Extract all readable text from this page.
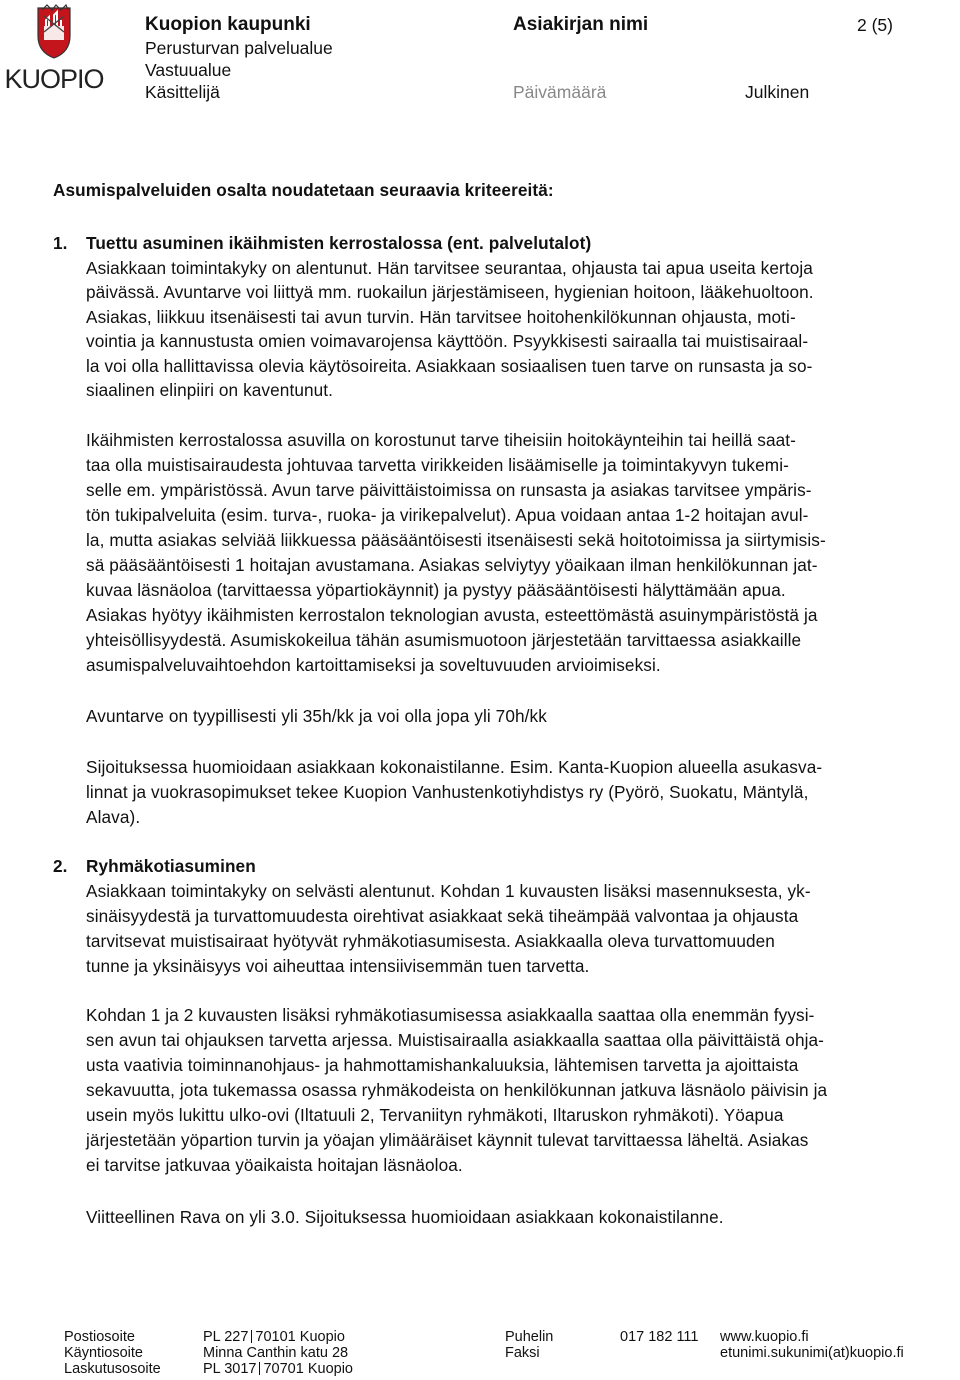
KUOPIO
Kuopion kaupunki	Asiakirjan nimi	2 (5)
Perusturvan palvelualue
Vastuualue
Käsittelijä	Päivämäärä	Julkinen
Asumispalveluiden osalta noudatetaan seuraavia kriteereitä:
1. Tuettu asuminen ikäihmisten kerrostalossa (ent. palvelutalot)
Asiakkaan toimintakyky on alentunut. Hän tarvitsee seurantaa, ohjausta tai apua useita kertoja
päivässä. Avuntarve voi liittyä mm. ruokailun järjestämiseen, hygienian hoitoon, lääkehuoltoon.
Asiakas, liikkuu itsenäisesti tai avun turvin. Hän tarvitsee hoitohenkilökunnan ohjausta, moti-
vointia ja kannustusta omien voimavarojensa käyttöön. Psyykkisesti sairaalla tai muistisairaal-
la voi olla hallittavissa olevia käytösoireita. Asiakkaan sosiaalisen tuen tarve on runsasta ja so-
siaalinen elinpiiri on kaventunut.
Ikäihmisten kerrostalossa asuvilla on korostunut tarve tiheisiin hoitokäynteihin tai heillä saat-
taa olla muistisairaudesta johtuvaa tarvetta virikkeiden lisäämiselle ja toimintakyvyn tukemi-
selle em. ympäristössä. Avun tarve päivittäistoimissa on runsasta ja asiakas tarvitsee ympäris-
tön tukipalveluita (esim. turva-, ruoka- ja virikepalvelut). Apua voidaan antaa 1-2 hoitajan avul-
la, mutta asiakas selviää liikkuessa pääsääntöisesti itsenäisesti sekä hoitotoimissa ja siirtymisis-
sä pääsääntöisesti 1 hoitajan avustamana. Asiakas selviytyy yöaikaan ilman henkilökunnan jat-
kuvaa läsnäoloa (tarvittaessa yöpartiokäynnit) ja pystyy pääsääntöisesti hälyttämään apua.
Asiakas hyötyy ikäihmisten kerrostalon teknologian avusta, esteettömästä asuinympäristöstä ja
yhteisöllisyydestä. Asumiskokeilua tähän asumismuotoon järjestetään tarvittaessa asiakkaille
asumispalveluvaihtoehdon kartoittamiseksi ja soveltuvuuden arvioimiseksi.
Avuntarve on tyypillisesti yli 35h/kk ja voi olla jopa yli 70h/kk
Sijoituksessa huomioidaan asiakkaan kokonaistilanne. Esim. Kanta-Kuopion alueella asukasva-
linnat ja vuokrasopimukset tekee Kuopion Vanhustenkotiyhdistys ry (Pyörö, Suokatu, Mäntylä,
Alava).
2. Ryhmäkotiasuminen
Asiakkaan toimintakyky on selvästi alentunut. Kohdan 1 kuvausten lisäksi masennuksesta, yk-
sinäisyydestä ja turvattomuudesta oirehtivat asiakkaat sekä tiheämpää valvontaa ja ohjausta
tarvitsevat muistisairaat hyötyvät ryhmäkotiasumisesta. Asiakkaalla oleva turvattomuuden
tunne ja yksinäisyys voi aiheuttaa intensiivisemmän tuen tarvetta.
Kohdan 1 ja 2 kuvausten lisäksi ryhmäkotiasumisessa asiakkaalla saattaa olla enemmän fyysi-
sen avun tai ohjauksen tarvetta arjessa. Muistisairaalla asiakkaalla saattaa olla päivittäistä ohja-
usta vaativia toiminnanohjaus- ja hahmottamishankaluuksia, lähtemisen tarvetta ja ajoittaista
sekavuutta, jota tukemassa osassa ryhmäkodeista on henkilökunnan jatkuva läsnäolo päivisin ja
usein myös lukittu ulko-ovi (Iltatuuli 2, Tervaniityn ryhmäkoti, Iltaruskon ryhmäkoti). Yöapua
järjestetään yöpartion turvin ja yöajan ylimääräiset käynnit tulevat tarvittaessa läheltä. Asiakas
ei tarvitse jatkuvaa yöaikaista hoitajan läsnäoloa.
Viitteellinen Rava on yli 3.0. Sijoituksessa huomioidaan asiakkaan kokonaistilanne.
Postiosoite	PL 227 70101 Kuopio
Käyntiosoite	Minna Canthin katu 28
Laskutusosoite	PL 3017 70701 Kuopio
Puhelin	017 182 111
Faksi
www.kuopio.fi
etunimi.sukunimi(at)kuopio.fi
